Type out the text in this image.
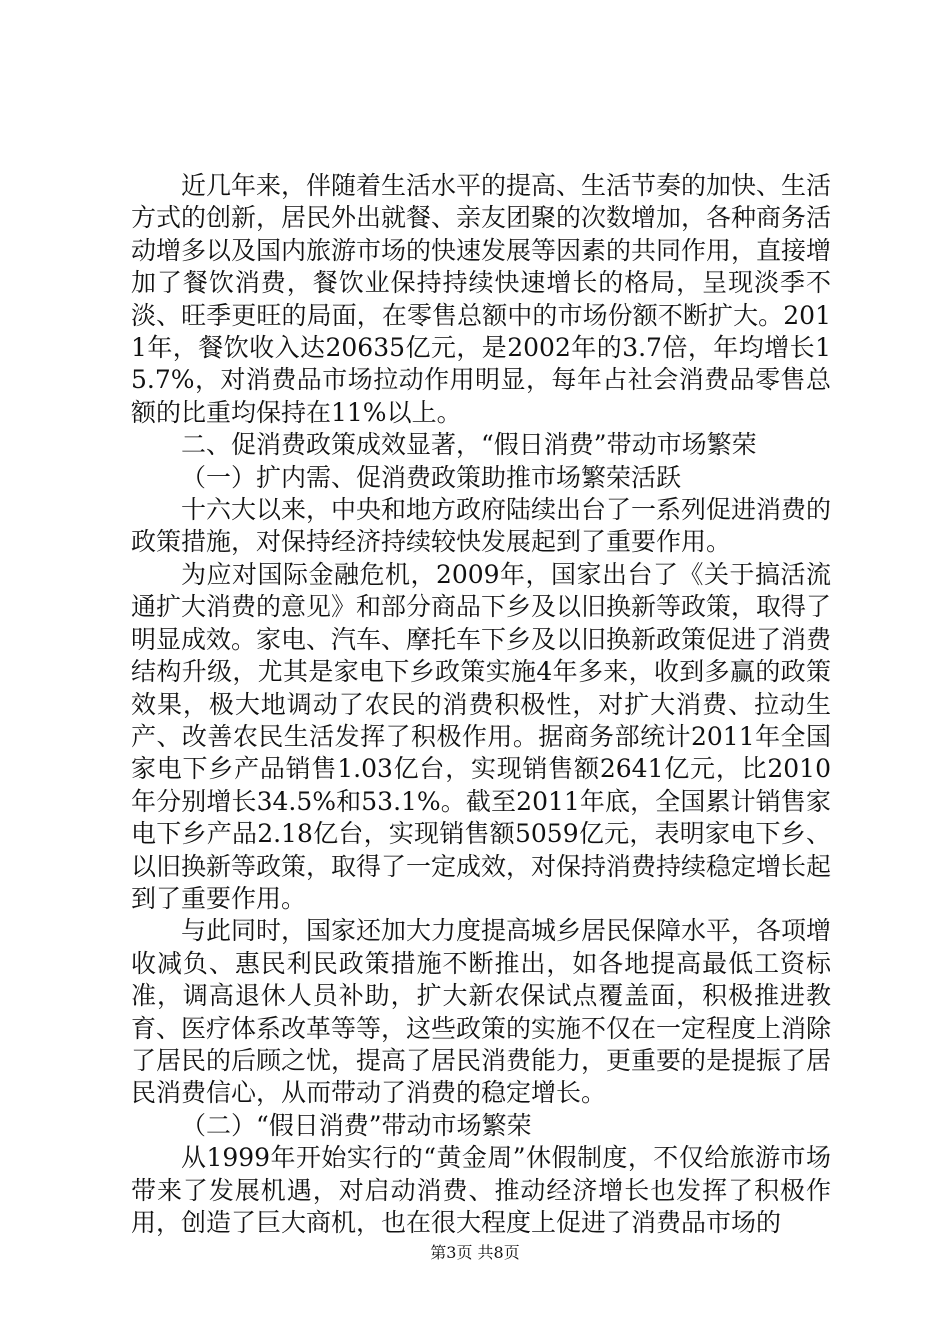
近几年来，伴随着生活水平的提高、生活节奏的加快、生活方式的创新，居民外出就餐、亲友团聚的次数增加，各种商务活动增多以及国内旅游市场的快速发展等因素的共同作用，直接增加了餐饮消费，餐饮业保持持续快速增长的格局，呈现淡季不淡、旺季更旺的局面，在零售总额中的市场份额不断扩大。2011年，餐饮收入达20635亿元，是2002年的3.7倍，年均增长15.7%，对消费品市场拉动作用明显，每年占社会消费品零售总额的比重均保持在11%以上。

二、促消费政策成效显著，“假日消费”带动市场繁荣

（一）扩内需、促消费政策助推市场繁荣活跃

十六大以来，中央和地方政府陆续出台了一系列促进消费的政策措施，对保持经济持续较快发展起到了重要作用。

为应对国际金融危机，2009年，国家出台了《关于搞活流通扩大消费的意见》和部分商品下乡及以旧换新等政策，取得了明显成效。家电、汽车、摩托车下乡及以旧换新政策促进了消费结构升级，尤其是家电下乡政策实施4年多来，收到多赢的政策效果，极大地调动了农民的消费积极性，对扩大消费、拉动生产、改善农民生活发挥了积极作用。据商务部统计2011年全国家电下乡产品销售1.03亿台，实现销售额2641亿元，比2010年分别增长34.5%和53.1%。截至2011年底，全国累计销售家电下乡产品2.18亿台，实现销售额5059亿元，表明家电下乡、以旧换新等政策，取得了一定成效，对保持消费持续稳定增长起到了重要作用。

与此同时，国家还加大力度提高城乡居民保障水平，各项增收减负、惠民利民政策措施不断推出，如各地提高最低工资标准，调高退休人员补助，扩大新农保试点覆盖面，积极推进教育、医疗体系改革等等，这些政策的实施不仅在一定程度上消除了居民的后顾之忧，提高了居民消费能力，更重要的是提振了居民消费信心，从而带动了消费的稳定增长。

（二）“假日消费”带动市场繁荣

从1999年开始实行的“黄金周”休假制度，不仅给旅游市场带来了发展机遇，对启动消费、推动经济增长也发挥了积极作用，创造了巨大商机，也在很大程度上促进了消费品市场的

第3页 共8页
